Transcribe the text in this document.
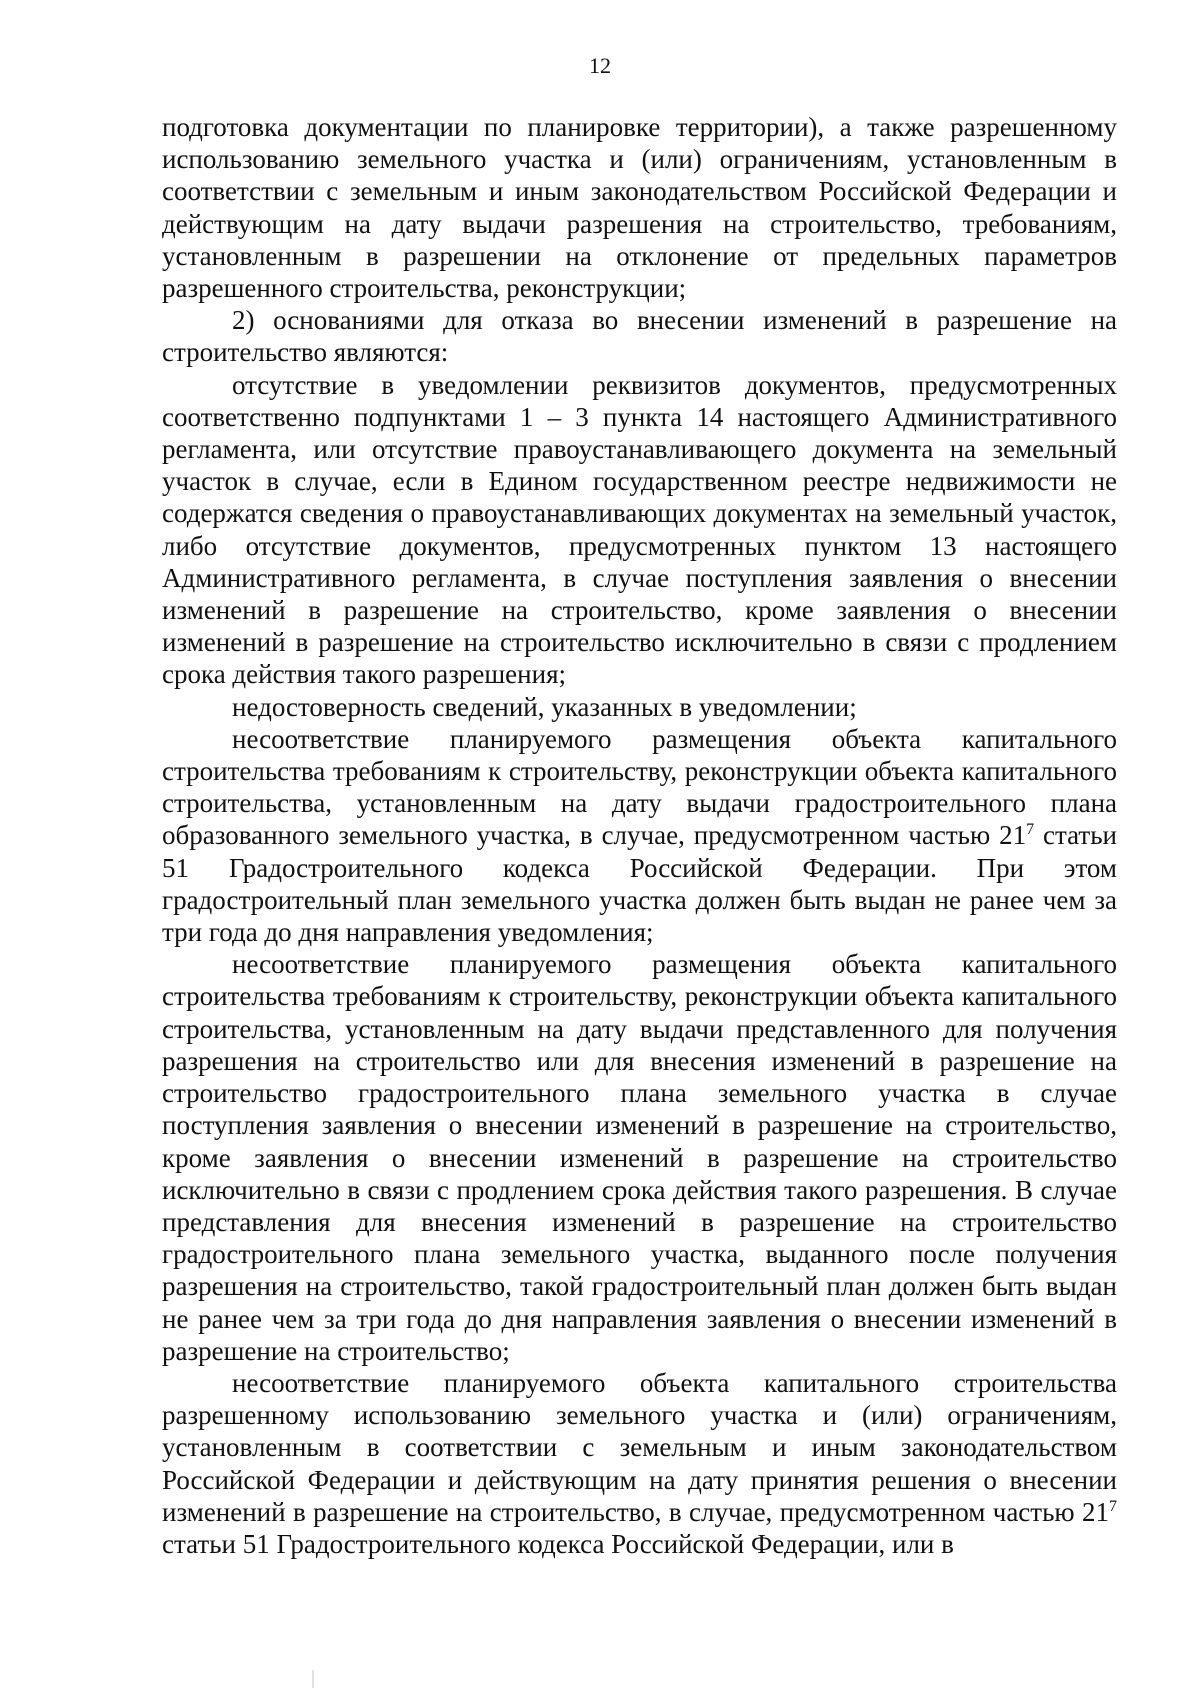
12

подготовка документации по планировке территории), а также разрешенному использованию земельного участка и (или) ограничениям, установленным в соответствии с земельным и иным законодательством Российской Федерации и действующим на дату выдачи разрешения на строительство, требованиям, установленным в разрешении на отклонение от предельных параметров разрешенного строительства, реконструкции;

2) основаниями для отказа во внесении изменений в разрешение на строительство являются:

отсутствие в уведомлении реквизитов документов, предусмотренных соответственно подпунктами 1 – 3 пункта 14 настоящего Административного регламента, или отсутствие правоустанавливающего документа на земельный участок в случае, если в Едином государственном реестре недвижимости не содержатся сведения о правоустанавливающих документах на земельный участок, либо отсутствие документов, предусмотренных пунктом 13 настоящего Административного регламента, в случае поступления заявления о внесении изменений в разрешение на строительство, кроме заявления о внесении изменений в разрешение на строительство исключительно в связи с продлением срока действия такого разрешения;

недостоверность сведений, указанных в уведомлении;

несоответствие планируемого размещения объекта капитального строительства требованиям к строительству, реконструкции объекта капитального строительства, установленным на дату выдачи градостроительного плана образованного земельного участка, в случае, предусмотренном частью $21^7$ статьи 51 Градостроительного кодекса Российской Федерации. При этом градостроительный план земельного участка должен быть выдан не ранее чем за три года до дня направления уведомления;

несоответствие планируемого размещения объекта капитального строительства требованиям к строительству, реконструкции объекта капитального строительства, установленным на дату выдачи представленного для получения разрешения на строительство или для внесения изменений в разрешение на строительство градостроительного плана земельного участка в случае поступления заявления о внесении изменений в разрешение на строительство, кроме заявления о внесении изменений в разрешение на строительство исключительно в связи с продлением срока действия такого разрешения. В случае представления для внесения изменений в разрешение на строительство градостроительного плана земельного участка, выданного после получения разрешения на строительство, такой градостроительный план должен быть выдан не ранее чем за три года до дня направления заявления о внесении изменений в разрешение на строительство;

несоответствие планируемого объекта капитального строительства разрешенному использованию земельного участка и (или) ограничениям, установленным в соответствии с земельным и иным законодательством Российской Федерации и действующим на дату принятия решения о внесении изменений в разрешение на строительство, в случае, предусмотренном частью $21^7$ статьи 51 Градостроительного кодекса Российской Федерации, или в
